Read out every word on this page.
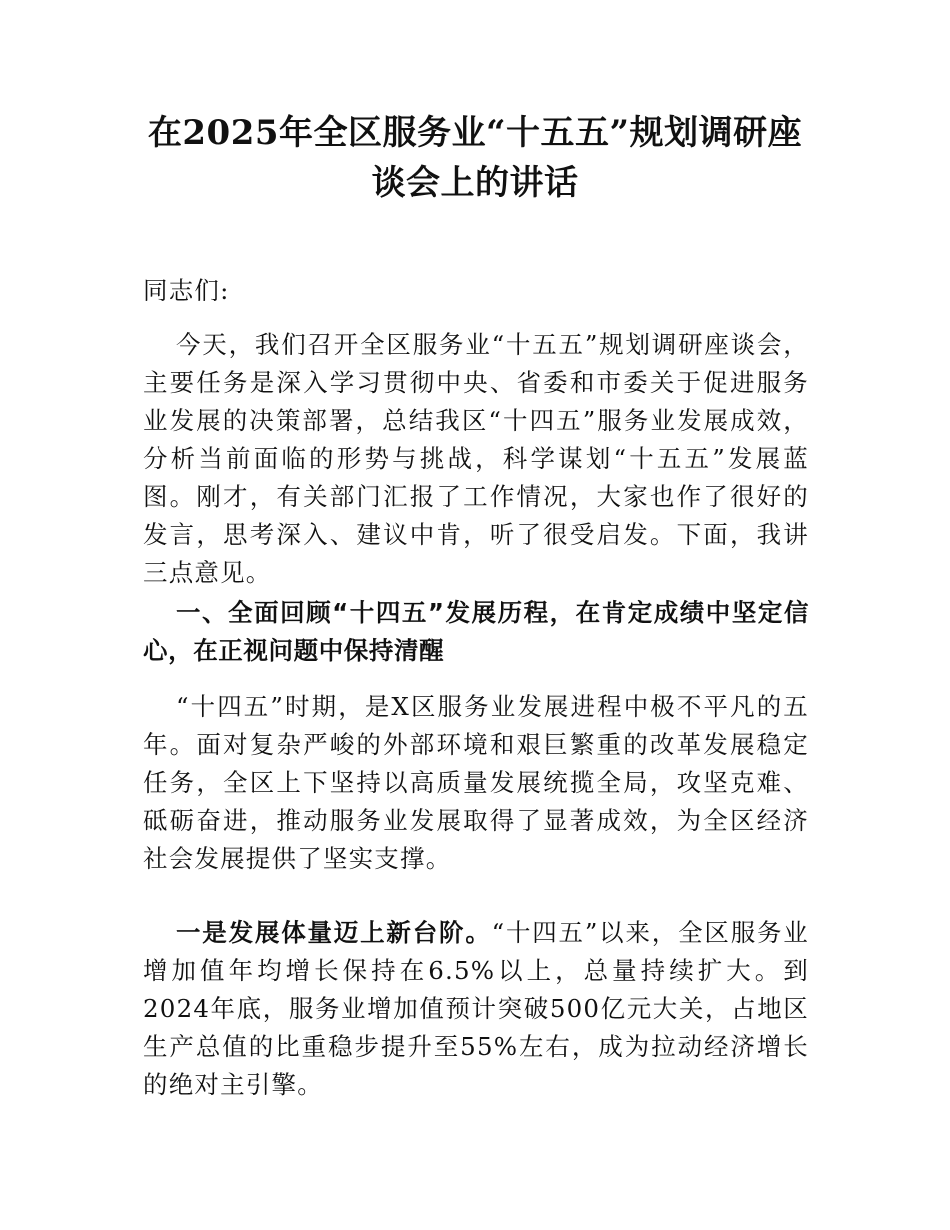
在2025年全区服务业“十五五”规划调研座谈会上的讲话

同志们:

今天，我们召开全区服务业“十五五”规划调研座谈会，主要任务是深入学习贯彻中央、省委和市委关于促进服务业发展的决策部署，总结我区“十四五”服务业发展成效，分析当前面临的形势与挑战，科学谋划“十五五”发展蓝图。刚才，有关部门汇报了工作情况，大家也作了很好的发言，思考深入、建议中肯，听了很受启发。下面，我讲三点意见。

一、全面回顾“十四五”发展历程，在肯定成绩中坚定信心，在正视问题中保持清醒

“十四五”时期，是X区服务业发展进程中极不平凡的五年。面对复杂严峻的外部环境和艰巨繁重的改革发展稳定任务，全区上下坚持以高质量发展统揽全局，攻坚克难、砥砺奋进，推动服务业发展取得了显著成效，为全区经济社会发展提供了坚实支撑。

一是发展体量迈上新台阶。“十四五”以来，全区服务业增加值年均增长保持在6.5%以上，总量持续扩大。到2024年底，服务业增加值预计突破500亿元大关，占地区生产总值的比重稳步提升至55%左右，成为拉动经济增长的绝对主引擎。
